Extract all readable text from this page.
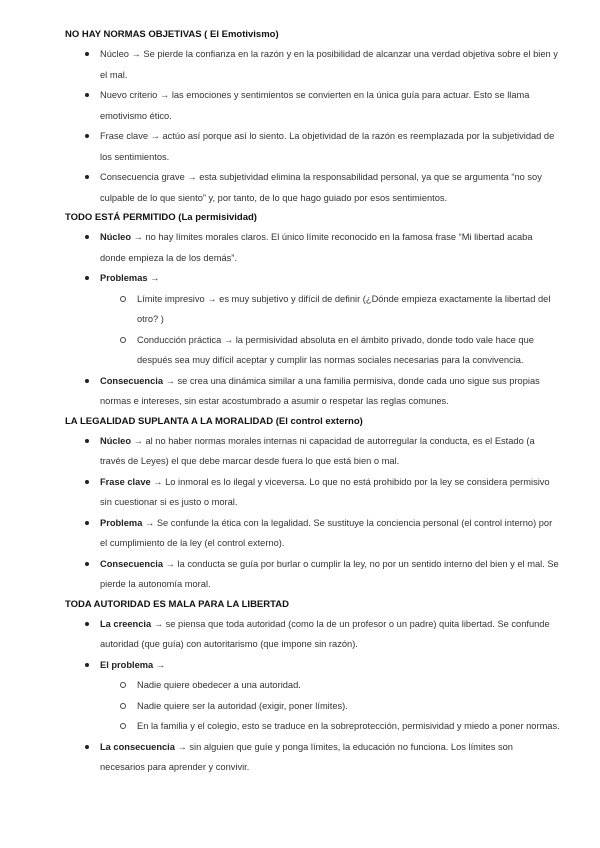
NO HAY NORMAS OBJETIVAS ( El Emotivismo)
Núcleo → Se pierde la confianza en la razón y en la posibilidad de alcanzar una verdad objetiva sobre el bien y el mal.
Nuevo criterio → las emociones y sentimientos se convierten en la única guía para actuar. Esto se llama emotivismo ético.
Frase clave → actúo así porque así lo siento. La objetividad de la razón es reemplazada por la subjetividad de los sentimientos.
Consecuencia grave → esta subjetividad elimina la responsabilidad personal, ya que se argumenta “no soy culpable de lo que siento” y, por tanto, de lo que hago guiado por esos sentimientos.
TODO ESTÁ PERMITIDO (La permisividad)
Núcleo → no hay límites morales claros. El único límite reconocido en la famosa frase “Mi libertad acaba donde empieza la de los demás”.
Problemas →
Límite impresivo → es muy subjetivo y difícil de definir (¿Dónde empieza exactamente la libertad del otro? )
Conducción práctica → la permisividad absoluta en el ámbito privado, donde todo vale hace que después sea muy difícil aceptar y cumplir las normas sociales necesarias para la convivencia.
Consecuencia → se crea una dinámica similar a una familia permisiva, donde cada uno sigue sus propias normas e intereses, sin estar acostumbrado a asumir o respetar las reglas comunes.
LA LEGALIDAD SUPLANTA A LA MORALIDAD (El control externo)
Núcleo → al no haber normas morales internas ni capacidad de autorregular la conducta, es el Estado (a través de Leyes) el que debe marcar desde fuera lo que está bien o mal.
Frase clave → Lo inmoral es lo ilegal y viceversa. Lo que no está prohibido por la ley se considera permisivo sin cuestionar si es justo o moral.
Problema → Se confunde la ética con la legalidad. Se sustituye la conciencia personal (el control interno) por el cumplimiento de la ley (el control externo).
Consecuencia → la conducta se guía por burlar o cumplir la ley, no por un sentido interno del bien y el mal. Se pierde la autonomía moral.
TODA AUTORIDAD ES MALA PARA LA LIBERTAD
La creencia → se piensa que toda autoridad (como la de un profesor o un padre) quita libertad. Se confunde autoridad (que guía) con autoritarismo (que impone sin razón).
El problema →
Nadie quiere obedecer a una autoridad.
Nadie quiere ser la autoridad (exigir, poner límites).
En la familia y el colegio, esto se traduce en la sobreprotección, permisividad y miedo a poner normas.
La consecuencia → sin alguien que guíe y ponga límites, la educación no funciona. Los límites son necesarios para aprender y convivir.
